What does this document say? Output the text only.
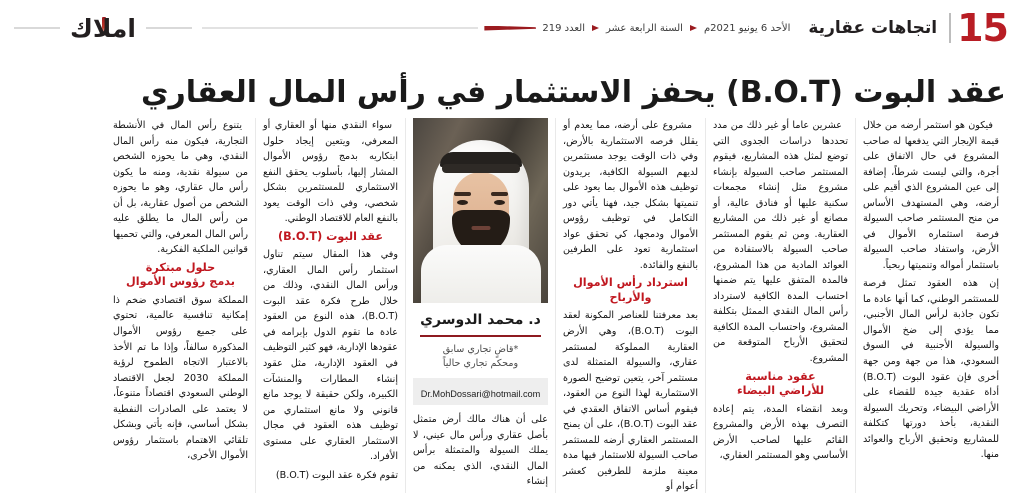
املاك	العدد 219 السنة الرابعة عشر الأحد 6 يونيو 2021م	اتجاهات عقارية 15
عقد البوت (B.O.T) يحفز الاستثمار في رأس المال العقاري

فيكون هو استثمر أرضه من خلال قيمة الإيجار التي يدفعها له صاحب المشروع في حال الاتفاق على أجرة، والتي ليست شرطاً، إضافة إلى عين المشروع الذي أقيم على أرضه، وهي المستهدف الأساس من منح المستثمر صاحب السيولة فرصة استثماره الأموال في الأرض، واستفاد صاحب السيولة باستثمار أمواله وتنميتها ربحياً.

إن هذه العقود تمثل فرصة للمستثمر الوطني، كما أنها عادة ما تكون جاذبة لرأس المال الأجنبي، مما يؤدي إلى ضخ الأموال والسيولة الأجنبية في السوق السعودي، هذا من جهة ومن جهة أخرى فإن عقود البوت (B.O.T) أداة عقدية جيدة للقضاء على الأراضي البيضاء، وتحريك السيولة النقدية، بأخذ دورتها كتكلفة للمشاريع وتحقيق الأرباح والعوائد منها.

عشرين عاما أو غير ذلك من مدد تحددها دراسات الجدوى التي توضع لمثل هذه المشاريع، فيقوم المستثمر صاحب السيولة بإنشاء مشروع مثل إنشاء مجمعات سكنية عليها أو فنادق عالية، أو مصانع أو غير ذلك من المشاريع العقارية. ومن ثم يقوم المستثمر صاحب السيولة بالاستفادة من العوائد المادية من هذا المشروع، فالمدة المتفق عليها يتم ضمنها احتساب المدة الكافية لاسترداد رأس المال النقدي الممثل بتكلفة المشروع، واحتساب المدة الكافية لتحقيق الأرباح المتوقعة من المشروع.

عقود مناسبة
للأراضي البيضاء

وبعد انقضاء المدة، يتم إعادة التصرف بهذه الأرض والمشروع القائم عليها لصاحب الأرض الأساسي وهو المستثمر العقاري،

مشروع على أرضه، مما يعدم أو يقلل فرصه الاستثمارية بالأرض، وفي ذات الوقت يوجد مستثمرين لديهم السيولة الكافية، يريدون توظيف هذه الأموال بما يعود على تنميتها بشكل جيد، فهنا يأتي دور التكامل في توظيف رؤوس الأموال ودمجها، كي تحقق عواد استثمارية تعود على الطرفين بالنفع والفائدة.

استرداد رأس الأموال والأرباح

بعد معرفتنا للعناصر المكونة لعقد البوت (B.O.T)، وهي الأرض العقارية المملوكة لمستثمر عقاري، والسيولة المتمثلة لدى مستثمر آخر، يتعين توضيح الصورة الاستثمارية لهذا النوع من العقود، فيقوم أساس الاتفاق العقدي في عقد البوت (B.O.T)، على أن يمنح المستثمر العقاري أرضه للمستثمر صاحب السيولة للاستثمار فيها مدة معينة ملزمة للطرفين كعشر أعوام أو

د. محمد الدوسري
*قاضٍ تجاري سابق
ومحكم تجاري حالياً
Dr.MohDossari@hotmail.com

على أن هناك مالك أرض متمثل بأصل عقاري ورأس مال عيني، لا يملك السيولة والمتمثلة برأس المال النقدي، الذي يمكنه من إنشاء

سواء النقدي منها أو العقاري أو المعرفي، ويتعين إيجاد حلول ابتكاريه بدمج رؤوس الأموال المشار إليها، بأسلوب يحقق النفع الاستثماري للمستثمرين بشكل شخصي، وفي ذات الوقت يعود بالنفع العام للاقتصاد الوطني.

عقد البوت (B.O.T)

وفي هذا المقال سيتم تناول استثمار رأس المال العقاري، ورأس المال النقدي، وذلك من خلال طرح فكرة عقد البوت (B.O.T)، هذه النوع من العقود عادة ما تقوم الدول بإبرامه في عقودها الإدارية، فهو كثير التوظيف في العقود الإدارية، مثل عقود إنشاء المطارات والمنشآت الكبيرة، ولكن حقيقة لا يوجد مانع قانوني ولا مانع استثماري من توظيف هذه العقود في مجال الاستثمار العقاري على مستوى الأفراد.

تقوم فكرة عقد البوت (B.O.T)

يتنوع رأس المال في الأنشطة التجارية، فيكون منه رأس المال النقدي، وهي ما يحوزه الشخص من سيولة نقدية، ومنه ما يكون رأس مال عقاري، وهو ما يحوزه الشخص من أصول عقارية، بل أن من رأس المال ما يطلق عليه رأس المال المعرفي، والتي تحميها قوانين الملكية الفكرية.

حلول مبتكرة
بدمج رؤوس الأموال

المملكة سوق اقتصادي ضخم ذا إمكانية تنافسية عالمية، تحتوي على جميع رؤوس الأموال المذكورة سالفاً، وإذا ما تم الأخذ بالاعتبار الاتجاه الطموح لرؤية المملكة 2030 لجعل الاقتصاد الوطني السعودي اقتصاداً متنوعاً، لا يعتمد على الصادرات النفطية بشكل أساسي، فإنه يأتي وبشكل تلقائي الاهتمام باستثمار رؤوس الأموال الأخرى،
